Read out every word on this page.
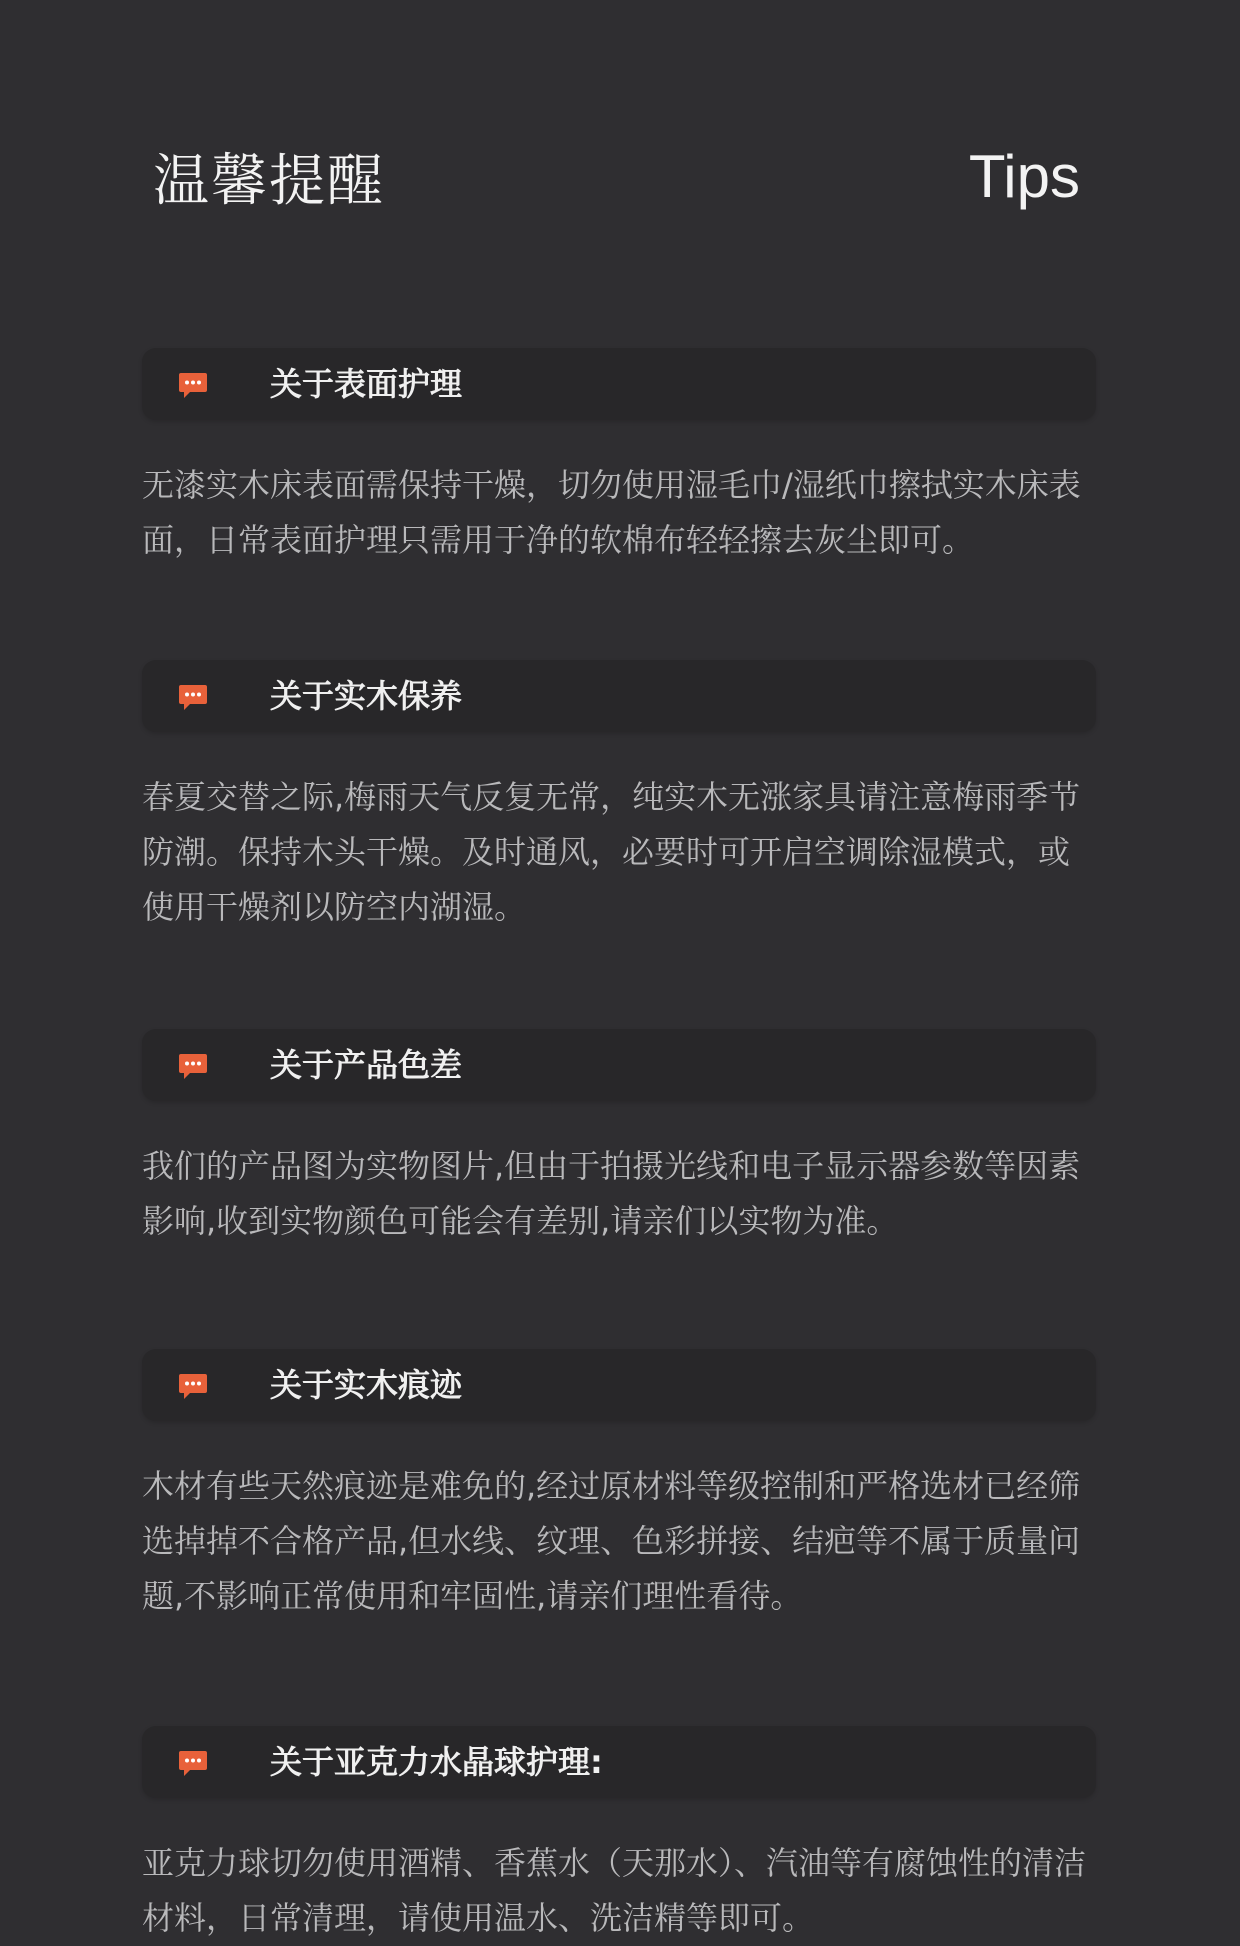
温馨提醒	Tips
关于表面护理
无漆实木床表面需保持干燥，切勿使用湿毛巾/湿纸巾擦拭实木床表面，日常表面护理只需用于净的软棉布轻轻擦去灰尘即可。
关于实木保养
春夏交替之际,梅雨天气反复无常，纯实木无涨家具请注意梅雨季节防潮。保持木头干燥。及时通风，必要时可开启空调除湿模式，或使用干燥剂以防空内湖湿。
关于产品色差
我们的产品图为实物图片,但由于拍摄光线和电子显示器参数等因素影响,收到实物颜色可能会有差别,请亲们以实物为准。
关于实木痕迹
木材有些天然痕迹是难免的,经过原材料等级控制和严格选材已经筛选掉掉不合格产品,但水线、纹理、色彩拼接、结疤等不属于质量问题,不影响正常使用和牢固性,请亲们理性看待。
关于亚克力水晶球护理:
亚克力球切勿使用酒精、香蕉水（天那水）、汽油等有腐蚀性的清洁材料，日常清理，请使用温水、洗洁精等即可。
